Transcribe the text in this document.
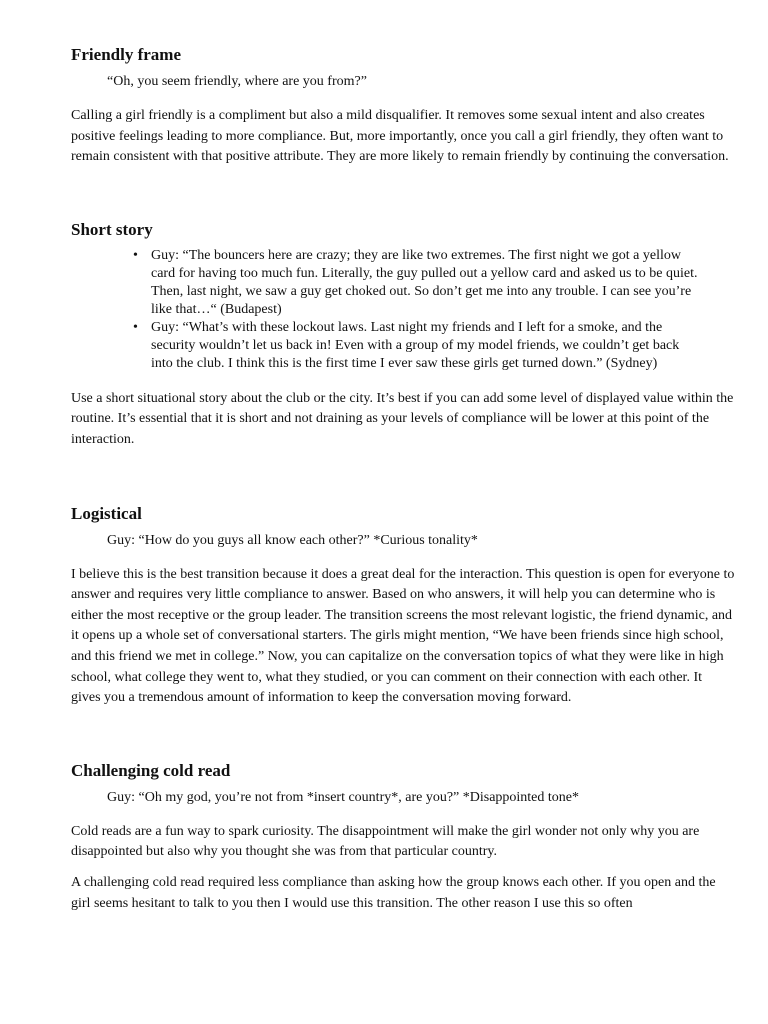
Friendly frame

“Oh, you seem friendly, where are you from?”

Calling a girl friendly is a compliment but also a mild disqualifier. It removes some sexual intent and also creates positive feelings leading to more compliance. But, more importantly, once you call a girl friendly, they often want to remain consistent with that positive attribute. They are more likely to remain friendly by continuing the conversation.

Short story
• Guy: “The bouncers here are crazy; they are like two extremes. The first night we got a yellow card for having too much fun. Literally, the guy pulled out a yellow card and asked us to be quiet. Then, last night, we saw a guy get choked out. So don’t get me into any trouble. I can see you’re like that…“ (Budapest)
• Guy: “What’s with these lockout laws. Last night my friends and I left for a smoke, and the security wouldn’t let us back in! Even with a group of my model friends, we couldn’t get back into the club. I think this is the first time I ever saw these girls get turned down.” (Sydney)

Use a short situational story about the club or the city. It’s best if you can add some level of displayed value within the routine. It’s essential that it is short and not draining as your levels of compliance will be lower at this point of the interaction.

Logistical

Guy: “How do you guys all know each other?” *Curious tonality*

I believe this is the best transition because it does a great deal for the interaction. This question is open for everyone to answer and requires very little compliance to answer. Based on who answers, it will help you can determine who is either the most receptive or the group leader. The transition screens the most relevant logistic, the friend dynamic, and it opens up a whole set of conversational starters. The girls might mention, “We have been friends since high school, and this friend we met in college.” Now, you can capitalize on the conversation topics of what they were like in high school, what college they went to, what they studied, or you can comment on their connection with each other. It gives you a tremendous amount of information to keep the conversation moving forward.

Challenging cold read

Guy: “Oh my god, you’re not from *insert country*, are you?” *Disappointed tone*

Cold reads are a fun way to spark curiosity. The disappointment will make the girl wonder not only why you are disappointed but also why you thought she was from that particular country.

A challenging cold read required less compliance than asking how the group knows each other. If you open and the girl seems hesitant to talk to you then I would use this transition. The other reason I use this so often
